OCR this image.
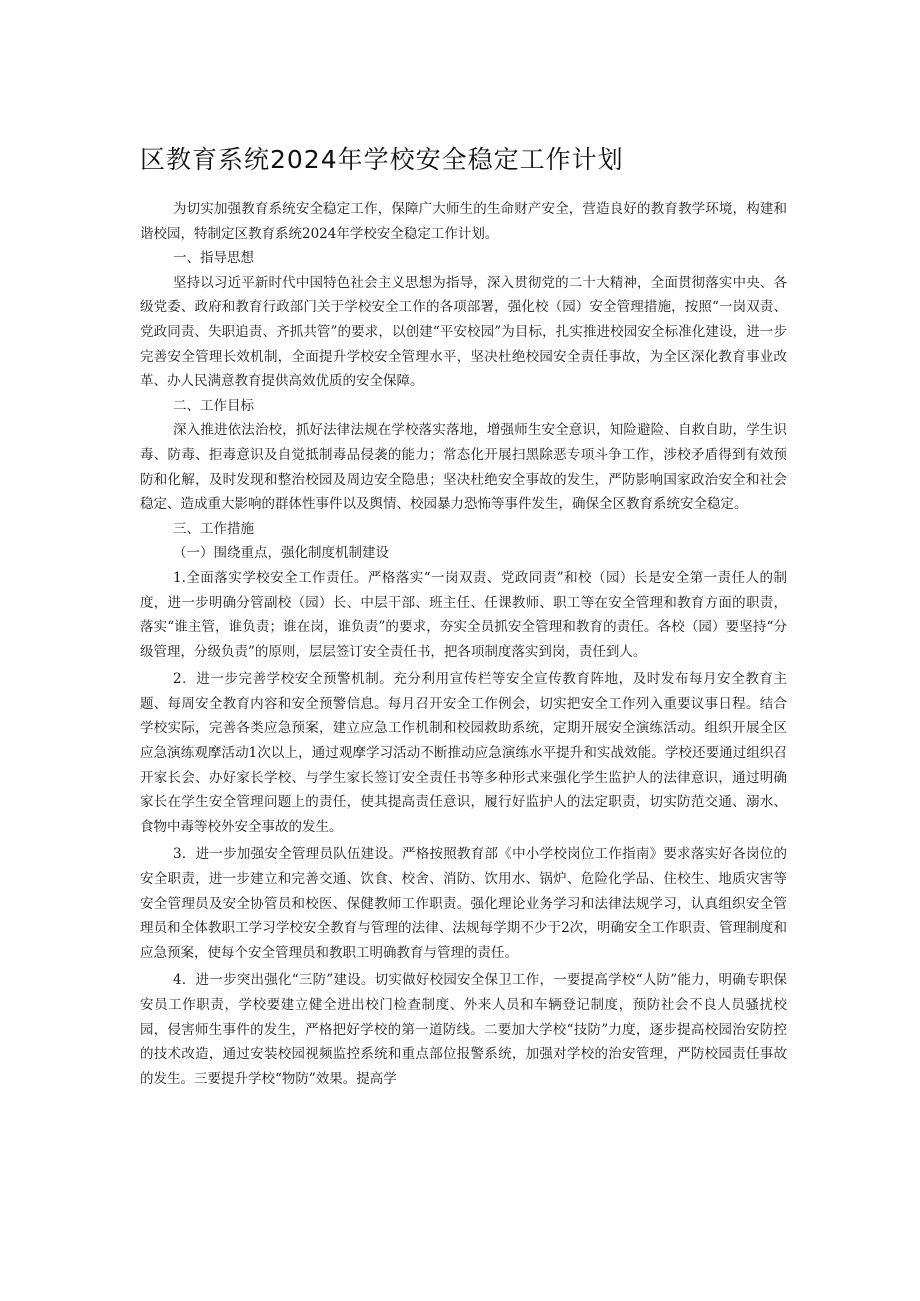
区教育系统2024年学校安全稳定工作计划

为切实加强教育系统安全稳定工作，保障广大师生的生命财产安全，营造良好的教育教学环境，构建和谐校园，特制定区教育系统2024年学校安全稳定工作计划。

一、指导思想

坚持以习近平新时代中国特色社会主义思想为指导，深入贯彻党的二十大精神，全面贯彻落实中央、各级党委、政府和教育行政部门关于学校安全工作的各项部署，强化校（园）安全管理措施，按照“一岗双责、党政同责、失职追责、齐抓共管”的要求，以创建“平安校园”为目标，扎实推进校园安全标准化建设，进一步完善安全管理长效机制，全面提升学校安全管理水平，坚决杜绝校园安全责任事故，为全区深化教育事业改革、办人民满意教育提供高效优质的安全保障。

二、工作目标

深入推进依法治校，抓好法律法规在学校落实落地，增强师生安全意识，知险避险、自救自助，学生识毒、防毒、拒毒意识及自觉抵制毒品侵袭的能力；常态化开展扫黑除恶专项斗争工作，涉校矛盾得到有效预防和化解，及时发现和整治校园及周边安全隐患；坚决杜绝安全事故的发生，严防影响国家政治安全和社会稳定、造成重大影响的群体性事件以及舆情、校园暴力恐怖等事件发生，确保全区教育系统安全稳定。

三、工作措施

（一）围绕重点，强化制度机制建设

1.全面落实学校安全工作责任。严格落实“一岗双责、党政同责”和校（园）长是安全第一责任人的制度，进一步明确分管副校（园）长、中层干部、班主任、任课教师、职工等在安全管理和教育方面的职责，落实“谁主管，谁负责；谁在岗，谁负责”的要求，夯实全员抓安全管理和教育的责任。各校（园）要坚持“分级管理，分级负责”的原则，层层签订安全责任书，把各项制度落实到岗，责任到人。

2．进一步完善学校安全预警机制。充分利用宣传栏等安全宣传教育阵地，及时发布每月安全教育主题、每周安全教育内容和安全预警信息。每月召开安全工作例会，切实把安全工作列入重要议事日程。结合学校实际，完善各类应急预案，建立应急工作机制和校园救助系统，定期开展安全演练活动。组织开展全区应急演练观摩活动1次以上，通过观摩学习活动不断推动应急演练水平提升和实战效能。学校还要通过组织召开家长会、办好家长学校、与学生家长签订安全责任书等多种形式来强化学生监护人的法律意识，通过明确家长在学生安全管理问题上的责任，使其提高责任意识，履行好监护人的法定职责，切实防范交通、溺水、食物中毒等校外安全事故的发生。

3．进一步加强安全管理员队伍建设。严格按照教育部《中小学校岗位工作指南》要求落实好各岗位的安全职责，进一步建立和完善交通、饮食、校舍、消防、饮用水、锅炉、危险化学品、住校生、地质灾害等安全管理员及安全协管员和校医、保健教师工作职责。强化理论业务学习和法律法规学习，认真组织安全管理员和全体教职工学习学校安全教育与管理的法律、法规每学期不少于2次，明确安全工作职责、管理制度和应急预案，使每个安全管理员和教职工明确教育与管理的责任。

4．进一步突出强化“三防”建设。切实做好校园安全保卫工作，一要提高学校“人防”能力，明确专职保安员工作职责，学校要建立健全进出校门检查制度、外来人员和车辆登记制度，预防社会不良人员骚扰校园，侵害师生事件的发生，严格把好学校的第一道防线。二要加大学校“技防”力度，逐步提高校园治安防控的技术改造，通过安装校园视频监控系统和重点部位报警系统，加强对学校的治安管理，严防校园责任事故的发生。三要提升学校“物防”效果。提高学
